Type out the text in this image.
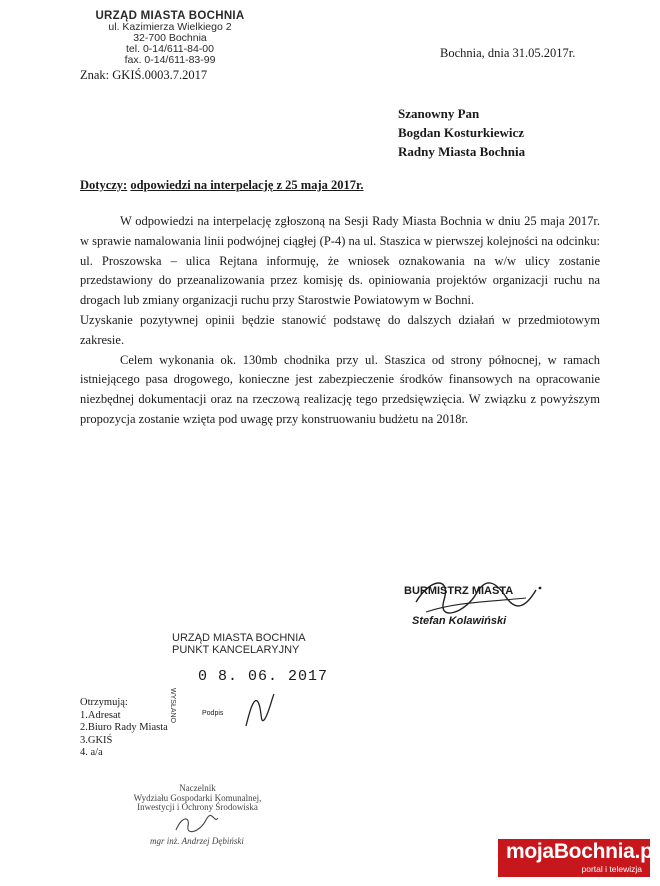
URZĄD MIASTA BOCHNIA
ul. Kazimierza Wielkiego 2
32-700 Bochnia
tel. 0-14/611-84-00
fax. 0-14/611-83-99
Znak: GKIŚ.0003.7.2017
Bochnia, dnia 31.05.2017r.
Szanowny Pan
Bogdan Kosturkiewicz
Radny Miasta Bochnia
Dotyczy: odpowiedzi na interpelację z 25 maja 2017r.

W odpowiedzi na interpelację zgłoszoną na Sesji Rady Miasta Bochnia w dniu 25 maja 2017r. w sprawie namalowania linii podwójnej ciągłej (P-4) na ul. Staszica w pierwszej kolejności na odcinku: ul. Proszowska – ulica Rejtana informuję, że wniosek oznakowania na w/w ulicy zostanie przedstawiony do przeanalizowania przez komisję ds. opiniowania projektów organizacji ruchu na drogach lub zmiany organizacji ruchu przy Starostwie Powiatowym w Bochni.

Uzyskanie pozytywnej opinii będzie stanowić podstawę do dalszych działań w przedmiotowym zakresie.

Celem wykonania ok. 130mb chodnika przy ul. Staszica od strony północnej, w ramach istniejącego pasa drogowego, konieczne jest zabezpieczenie środków finansowych na opracowanie niezbędnej dokumentacji oraz na rzeczową realizację tego przedsięwzięcia. W związku z powyższym propozycja zostanie wzięta pod uwagę przy konstruowaniu budżetu na 2018r.

BURMISTRZ MIASTA
Stefan Kolawiński
URZĄD MIASTA BOCHNIA
PUNKT KANCELARYJNY
WYSŁANO
0 8. 06. 2017
Podpis
Otrzymują:
1.Adresat
2.Biuro Rady Miasta
3.GKIŚ
4. a/a
Naczelnik
Wydziału Gospodarki Komunalnej,
Inwestycji i Ochrony Środowiska
mgr inż. Andrzej Dębiński	mojaBochnia.pl
portal i telewizja
